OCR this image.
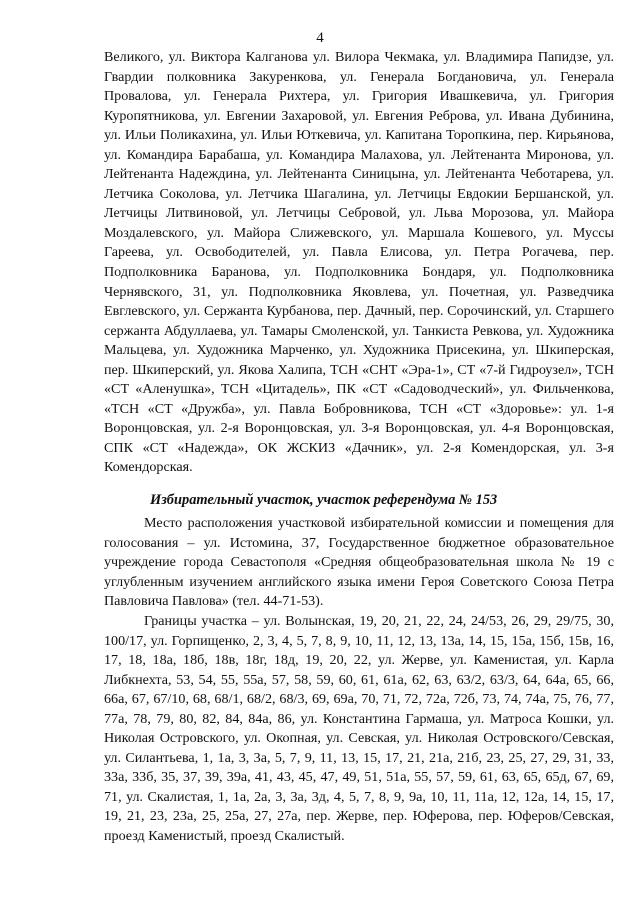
4

Великого, ул. Виктора Калганова ул. Вилора Чекмака, ул. Владимира Папидзе, ул. Гвардии полковника Закуренкова, ул. Генерала Богдановича, ул. Генерала Провалова, ул. Генерала Рихтера, ул. Григория Ивашкевича, ул. Григория Куропятникова, ул. Евгении Захаровой, ул. Евгения Реброва, ул. Ивана Дубинина, ул. Ильи Поликахина, ул. Ильи Юткевича, ул. Капитана Торопкина, пер. Кирьянова, ул. Командира Барабаша, ул. Командира Малахова, ул. Лейтенанта Миронова, ул. Лейтенанта Надеждина, ул. Лейтенанта Синицына, ул. Лейтенанта Чеботарева, ул. Летчика Соколова, ул. Летчика Шагалина, ул. Летчицы Евдокии Бершанской, ул. Летчицы Литвиновой, ул. Летчицы Себровой, ул. Льва Морозова, ул. Майора Моздалевского, ул. Майора Слижевского, ул. Маршала Кошевого, ул. Муссы Гареева, ул. Освободителей, ул. Павла Елисова, ул. Петра Рогачева, пер. Подполковника Баранова, ул. Подполковника Бондаря, ул. Подполковника Чернявского, 31, ул. Подполковника Яковлева, ул. Почетная, ул. Разведчика Евглевского, ул. Сержанта Курбанова, пер. Дачный, пер. Сорочинский, ул. Старшего сержанта Абдуллаева, ул. Тамары Смоленской, ул. Танкиста Ревкова, ул. Художника Мальцева, ул. Художника Марченко, ул. Художника Присекина, ул. Шкиперская, пер. Шкиперский, ул. Якова Халипа, ТСН «СНТ «Эра-1», СТ «7-й Гидроузел», ТСН «СТ «Аленушка», ТСН «Цитадель», ПК «СТ «Садоводческий», ул. Фильченкова, «ТСН «СТ «Дружба», ул. Павла Бобровникова, ТСН «СТ «Здоровье»: ул. 1-я Воронцовская, ул. 2-я Воронцовская, ул. 3-я Воронцовская, ул. 4-я Воронцовская, СПК «СТ «Надежда», ОК ЖСКИЗ «Дачник», ул. 2-я Комендорская, ул. 3-я Комендорская.

Избирательный участок, участок референдума № 153

Место расположения участковой избирательной комиссии и помещения для голосования – ул. Истомина, 37, Государственное бюджетное образовательное учреждение города Севастополя «Средняя общеобразовательная школа № 19 с углубленным изучением английского языка имени Героя Советского Союза Петра Павловича Павлова» (тел. 44-71-53).

Границы участка – ул. Волынская, 19, 20, 21, 22, 24, 24/53, 26, 29, 29/75, 30, 100/17, ул. Горпищенко, 2, 3, 4, 5, 7, 8, 9, 10, 11, 12, 13, 13а, 14, 15, 15а, 15б, 15в, 16, 17, 18, 18а, 18б, 18в, 18г, 18д, 19, 20, 22, ул. Жерве, ул. Каменистая, ул. Карла Либкнехта, 53, 54, 55, 55а, 57, 58, 59, 60, 61, 61а, 62, 63, 63/2, 63/3, 64, 64а, 65, 66, 66а, 67, 67/10, 68, 68/1, 68/2, 68/3, 69, 69а, 70, 71, 72, 72а, 72б, 73, 74, 74а, 75, 76, 77, 77а, 78, 79, 80, 82, 84, 84а, 86, ул. Константина Гармаша, ул. Матроса Кошки, ул. Николая Островского, ул. Окопная, ул. Севская, ул. Николая Островского/Севская, ул. Силантьева, 1, 1а, 3, 3а, 5, 7, 9, 11, 13, 15, 17, 21, 21а, 21б, 23, 25, 27, 29, 31, 33, 33а, 33б, 35, 37, 39, 39а, 41, 43, 45, 47, 49, 51, 51а, 55, 57, 59, 61, 63, 65, 65д, 67, 69, 71, ул. Скалистая, 1, 1а, 2а, 3, 3а, 3д, 4, 5, 7, 8, 9, 9а, 10, 11, 11а, 12, 12а, 14, 15, 17, 19, 21, 23, 23а, 25, 25а, 27, 27а, пер. Жерве, пер. Юферова, пер. Юферов/Севская, проезд Каменистый, проезд Скалистый.
